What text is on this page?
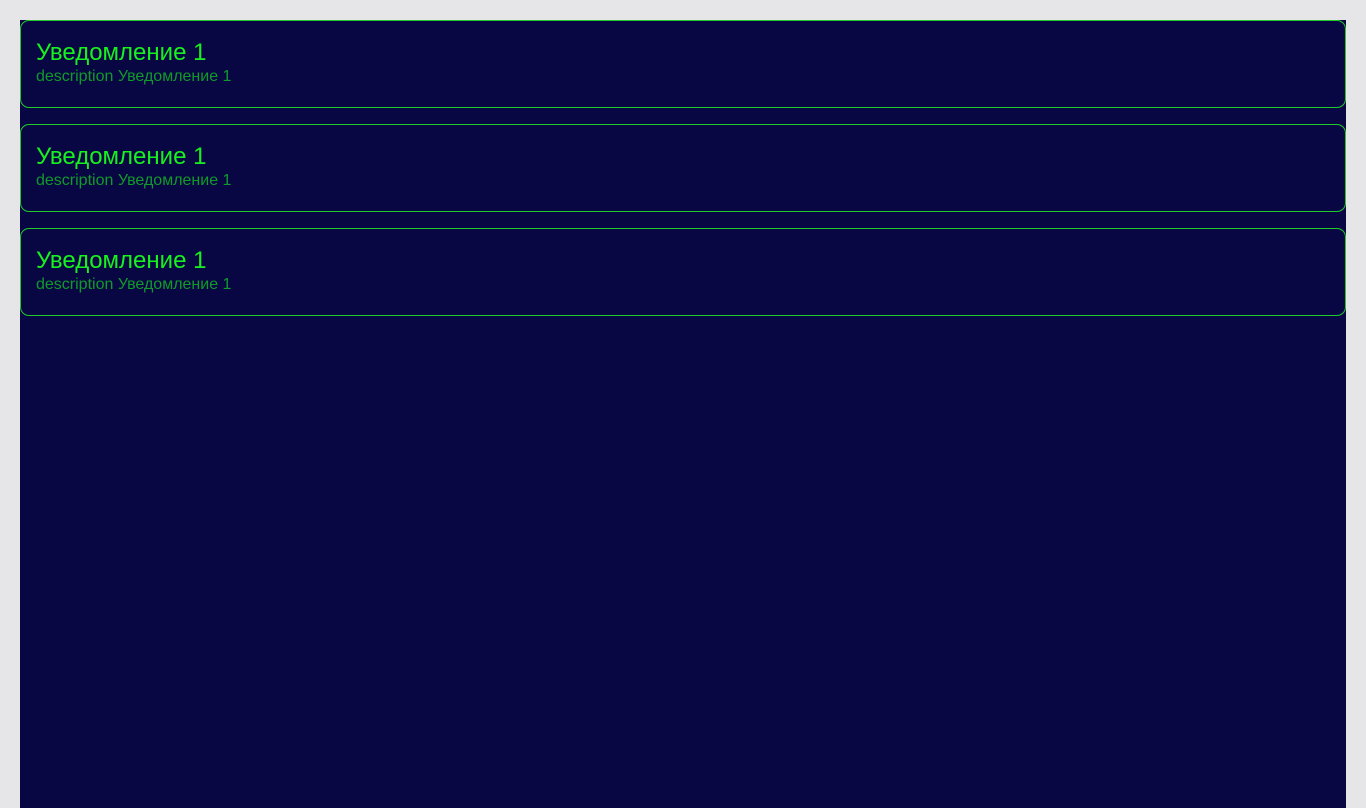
Уведомление 1
description Уведомление 1
Уведомление 1
description Уведомление 1
Уведомление 1
description Уведомление 1
